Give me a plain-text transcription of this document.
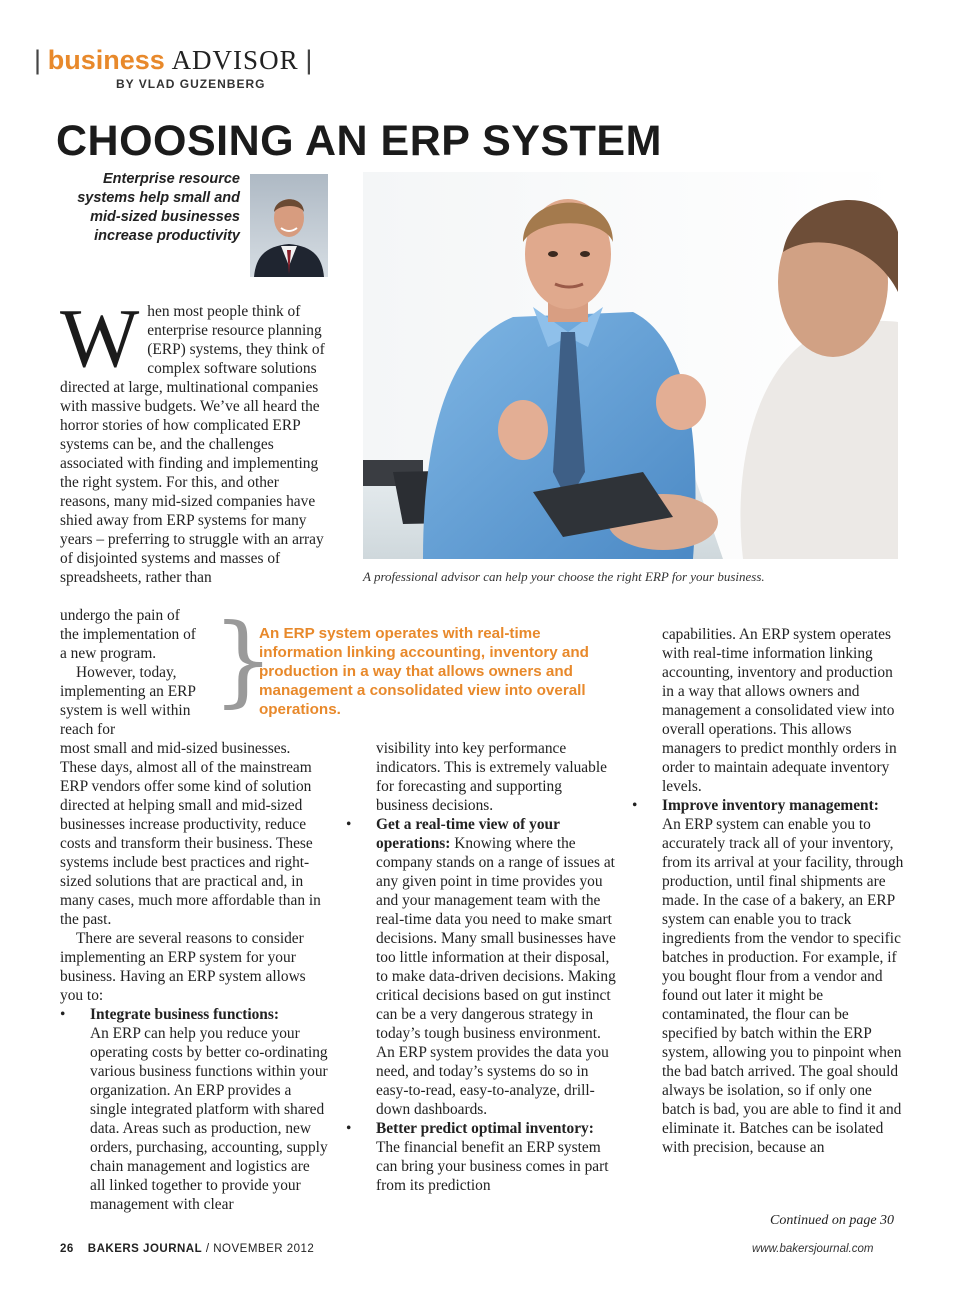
| business ADVISOR |
BY VLAD GUZENBERG
CHOOSING AN ERP SYSTEM
Enterprise resource systems help small and mid-sized businesses increase productivity
A professional advisor can help your choose the right ERP for your business.
When most people think of enterprise resource planning (ERP) systems, they think of complex software solutions directed at large, multinational companies with massive budgets. We’ve all heard the horror stories of how complicated ERP systems can be, and the challenges associated with finding and implementing the right system. For this, and other reasons, many mid-sized companies have shied away from ERP systems for many years – preferring to struggle with an array of disjointed systems and masses of spreadsheets, rather than

undergo the pain of the implementation of a new program.

However, today, implementing an ERP system is well within reach for

}
An ERP system operates with real-time information linking accounting, inventory and production in a way that allows owners and management a consolidated view into overall operations.

most small and mid-sized businesses. These days, almost all of the mainstream ERP vendors offer some kind of solution directed at helping small and mid-sized businesses increase productivity, reduce costs and transform their business. These systems include best practices and right-sized solutions that are practical and, in many cases, much more affordable than in the past.

There are several reasons to consider implementing an ERP system for your business. Having an ERP system allows you to:

• Integrate business functions:
An ERP can help you reduce your operating costs by better co-ordinating various business functions within your organization. An ERP provides a single integrated platform with shared data. Areas such as production, new orders, purchasing, accounting, supply chain management and logistics are all linked together to provide your management with clear

visibility into key performance indicators. This is extremely valuable for forecasting and supporting business decisions.

• Get a real-time view of your operations: Knowing where the company stands on a range of issues at any given point in time provides you and your management team with the real-time data you need to make smart decisions. Many small businesses have too little information at their disposal, to make data-driven decisions. Making critical decisions based on gut instinct can be a very dangerous strategy in today’s tough business environment. An ERP system provides the data you need, and today’s systems do so in easy-to-read, easy-to-analyze, drill-down dashboards.

• Better predict optimal inventory:
The financial benefit an ERP system can bring your business comes in part from its prediction

capabilities. An ERP system operates with real-time information linking accounting, inventory and production in a way that allows owners and management a consolidated view into overall operations. This allows managers to predict monthly orders in order to maintain adequate inventory levels.

• Improve inventory management:
An ERP system can enable you to accurately track all of your inventory, from its arrival at your facility, through production, until final shipments are made. In the case of a bakery, an ERP system can enable you to track ingredients from the vendor to specific batches in production. For example, if you bought flour from a vendor and found out later it might be contaminated, the flour can be specified by batch within the ERP system, allowing you to pinpoint when the bad batch arrived. The goal should always be isolation, so if only one batch is bad, you are able to find it and eliminate it. Batches can be isolated with precision, because an

Continued on page 30
26 BAKERS JOURNAL / NOVEMBER 2012	www.bakersjournal.com
